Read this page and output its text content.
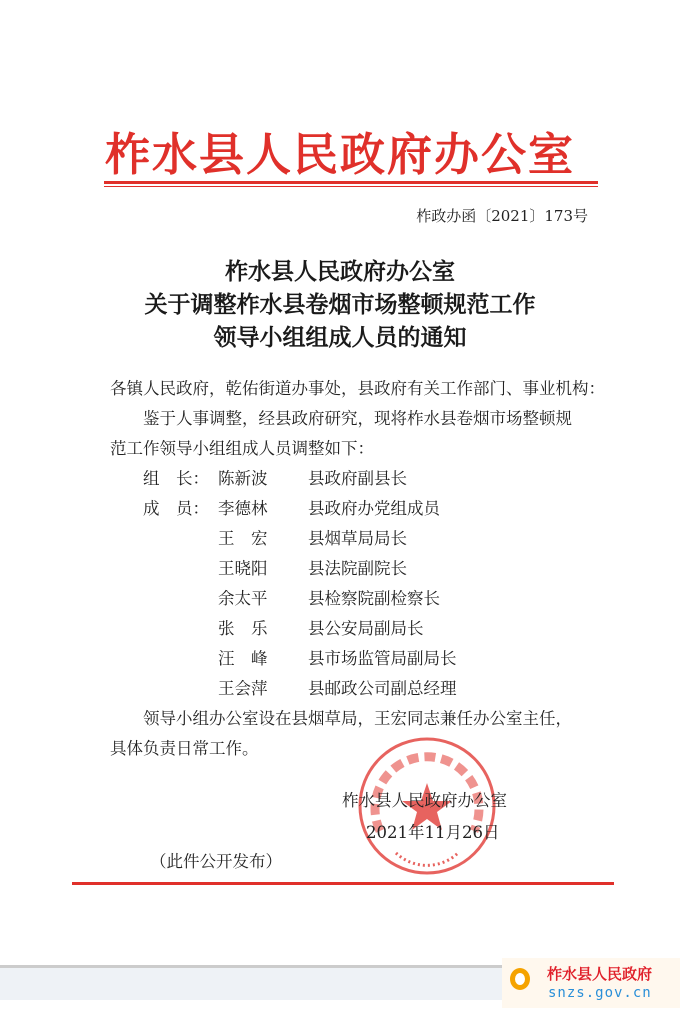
柞水县人民政府办公室
柞政办函〔2021〕173号
柞水县人民政府办公室
关于调整柞水县卷烟市场整顿规范工作
领导小组组成人员的通知
各镇人民政府，乾佑街道办事处，县政府有关工作部门、事业机构：
鉴于人事调整，经县政府研究，现将柞水县卷烟市场整顿规
范工作领导小组组成人员调整如下：
组　长： 陈新波 县政府副县长
成　员： 李德林 县政府办党组成员
王　宏 县烟草局局长
王晓阳 县法院副院长
余太平 县检察院副检察长
张　乐 县公安局副局长
汪　峰 县市场监管局副局长
王会萍 县邮政公司副总经理
领导小组办公室设在县烟草局，王宏同志兼任办公室主任，
具体负责日常工作。
柞水县人民政府办公室
2021年11月26日
（此件公开发布）
柞水县人民政府
snzs.gov.cn
